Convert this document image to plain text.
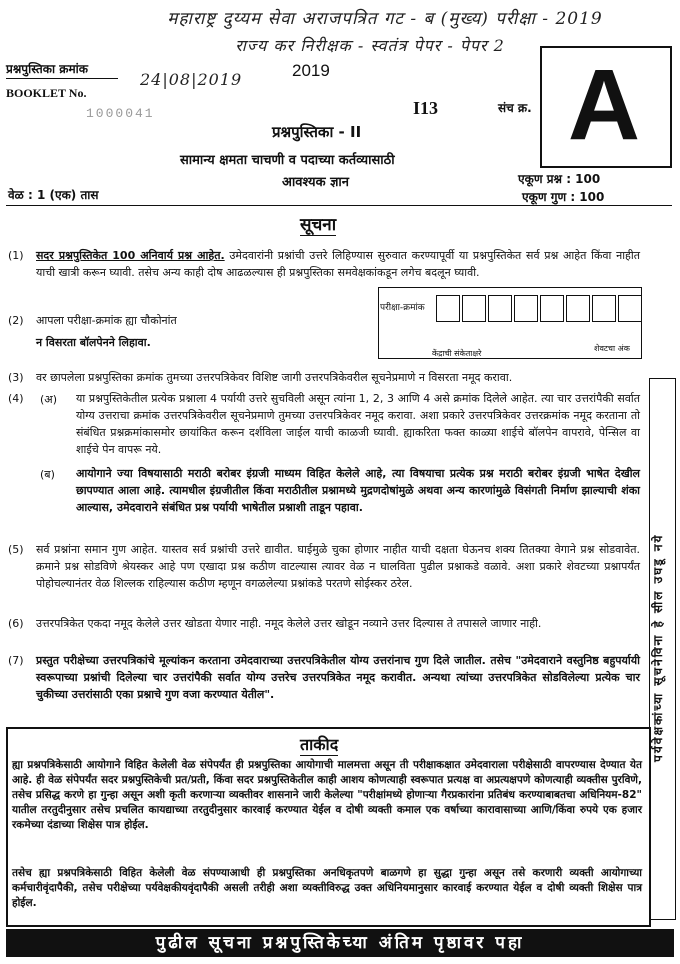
महाराष्ट्र दुय्यम सेवा अराजपत्रित गट - ब (मुख्य) परीक्षा - 2019
राज्य कर निरीक्षक - स्वतंत्र पेपर - पेपर 2
24|08|2019
प्रश्नपुस्तिका क्रमांक
BOOKLET No.
1000041
2019
I13	संच क्र. A
प्रश्नपुस्तिका - II
सामान्य क्षमता चाचणी व पदाच्या कर्तव्यासाठी
आवश्यक ज्ञान	एकूण प्रश्न : 100
एकूण गुण : 100
वेळ : 1 (एक) तास
सूचना
(1) सदर प्रश्नपुस्तिकेत 100 अनिवार्य प्रश्न आहेत. उमेदवारांनी प्रश्नांची उत्तरे लिहिण्यास सुरुवात करण्यापूर्वी या प्रश्नपुस्तिकेत सर्व प्रश्न आहेत किंवा नाहीत याची खात्री करून घ्यावी. तसेच अन्य काही दोष आढळल्यास ही प्रश्नपुस्तिका समवेक्षकांकडून लगेच बदलून घ्यावी.
(2) आपला परीक्षा-क्रमांक ह्या चौकोनांत
न विसरता बॉलपेनने लिहावा.
परीक्षा-क्रमांक
केंद्राची संकेताक्षरे
शेवटचा अंक
(3) वर छापलेला प्रश्नपुस्तिका क्रमांक तुमच्या उत्तरपत्रिकेवर विशिष्ट जागी उत्तरपत्रिकेवरील सूचनेप्रमाणे न विसरता नमूद करावा.
(4) (अ) या प्रश्नपुस्तिकेतील प्रत्येक प्रश्नाला 4 पर्यायी उत्तरे सुचविली असून त्यांना 1, 2, 3 आणि 4 असे क्रमांक दिलेले आहेत. त्या चार उत्तरांपैकी सर्वात योग्य उत्तराचा क्रमांक उत्तरपत्रिकेवरील सूचनेप्रमाणे तुमच्या उत्तरपत्रिकेवर नमूद करावा. अशा प्रकारे उत्तरपत्रिकेवर उत्तरक्रमांक नमूद करताना तो संबंधित प्रश्नक्रमांकासमोर छायांकित करून दर्शविला जाईल याची काळजी घ्यावी. ह्याकरिता फक्त काळ्या शाईचे बॉलपेन वापरावे, पेन्सिल वा शाईचे पेन वापरू नये.
(ब) आयोगाने ज्या विषयासाठी मराठी बरोबर इंग्रजी माध्यम विहित केलेले आहे, त्या विषयाचा प्रत्येक प्रश्न मराठी बरोबर इंग्रजी भाषेत देखील छापण्यात आला आहे. त्यामधील इंग्रजीतील किंवा मराठीतील प्रश्नामध्ये मुद्रणदोषांमुळे अथवा अन्य कारणांमुळे विसंगती निर्माण झाल्याची शंका आल्यास, उमेदवाराने संबंधित प्रश्न पर्यायी भाषेतील प्रश्नाशी ताडून पहावा.
(5) सर्व प्रश्नांना समान गुण आहेत. यास्तव सर्व प्रश्नांची उत्तरे द्यावीत. घाईमुळे चुका होणार नाहीत याची दक्षता घेऊनच शक्य तितक्या वेगाने प्रश्न सोडवावेत. क्रमाने प्रश्न सोडविणे श्रेयस्कर आहे पण एखादा प्रश्न कठीण वाटल्यास त्यावर वेळ न घालविता पुढील प्रश्नाकडे वळावे. अशा प्रकारे शेवटच्या प्रश्नापर्यंत पोहोचल्यानंतर वेळ शिल्लक राहिल्यास कठीण म्हणून वगळलेल्या प्रश्नांकडे परतणे सोईस्कर ठरेल.
(6) उत्तरपत्रिकेत एकदा नमूद केलेले उत्तर खोडता येणार नाही. नमूद केलेले उत्तर खोडून नव्याने उत्तर दिल्यास ते तपासले जाणार नाही.
(7) प्रस्तुत परीक्षेच्या उत्तरपत्रिकांचे मूल्यांकन करताना उमेदवाराच्या उत्तरपत्रिकेतील योग्य उत्तरांनाच गुण दिले जातील. तसेच "उमेदवाराने वस्तुनिष्ठ बहुपर्यायी स्वरूपाच्या प्रश्नांची दिलेल्या चार उत्तरांपैकी सर्वात योग्य उत्तरेच उत्तरपत्रिकेत नमूद करावीत. अन्यथा त्यांच्या उत्तरपत्रिकेत सोडविलेल्या प्रत्येक चार चुकीच्या उत्तरांसाठी एका प्रश्नाचे गुण वजा करण्यात येतील".	पर्यवेक्षकांच्या सूचनेविना हे सील उघडू नये
ताकीद
ह्या प्रश्नपत्रिकेसाठी आयोगाने विहित केलेली वेळ संपेपर्यंत ही प्रश्नपुस्तिका आयोगाची मालमत्ता असून ती परीक्षाकक्षात उमेदवाराला परीक्षेसाठी वापरण्यास देण्यात येत आहे. ही वेळ संपेपर्यंत सदर प्रश्नपुस्तिकेची प्रत/प्रती, किंवा सदर प्रश्नपुस्तिकेतील काही आशय कोणत्याही स्वरूपात प्रत्यक्ष वा अप्रत्यक्षपणे कोणत्याही व्यक्तीस पुरविणे, तसेच प्रसिद्ध करणे हा गुन्हा असून अशी कृती करणाऱ्या व्यक्तीवर शासनाने जारी केलेल्या "परीक्षांमध्ये होणाऱ्या गैरप्रकारांना प्रतिबंध करण्याबाबतचा अधिनियम-82" यातील तरतुदीनुसार तसेच प्रचलित कायद्याच्या तरतुदीनुसार कारवाई करण्यात येईल व दोषी व्यक्ती कमाल एक वर्षाच्या कारावासाच्या आणि/किंवा रुपये एक हजार रकमेच्या दंडाच्या शिक्षेस पात्र होईल.
तसेच ह्या प्रश्नपत्रिकेसाठी विहित केलेली वेळ संपण्याआधी ही प्रश्नपुस्तिका अनधिकृतपणे बाळगणे हा सुद्धा गुन्हा असून तसे करणारी व्यक्ती आयोगाच्या कर्मचारीवृंदापैकी, तसेच परीक्षेच्या पर्यवेक्षकीयवृंदापैकी असली तरीही अशा व्यक्तीविरुद्ध उक्त अधिनियमानुसार कारवाई करण्यात येईल व दोषी व्यक्ती शिक्षेस पात्र होईल.
पुढील सूचना प्रश्नपुस्तिकेच्या अंतिम पृष्ठावर पहा
